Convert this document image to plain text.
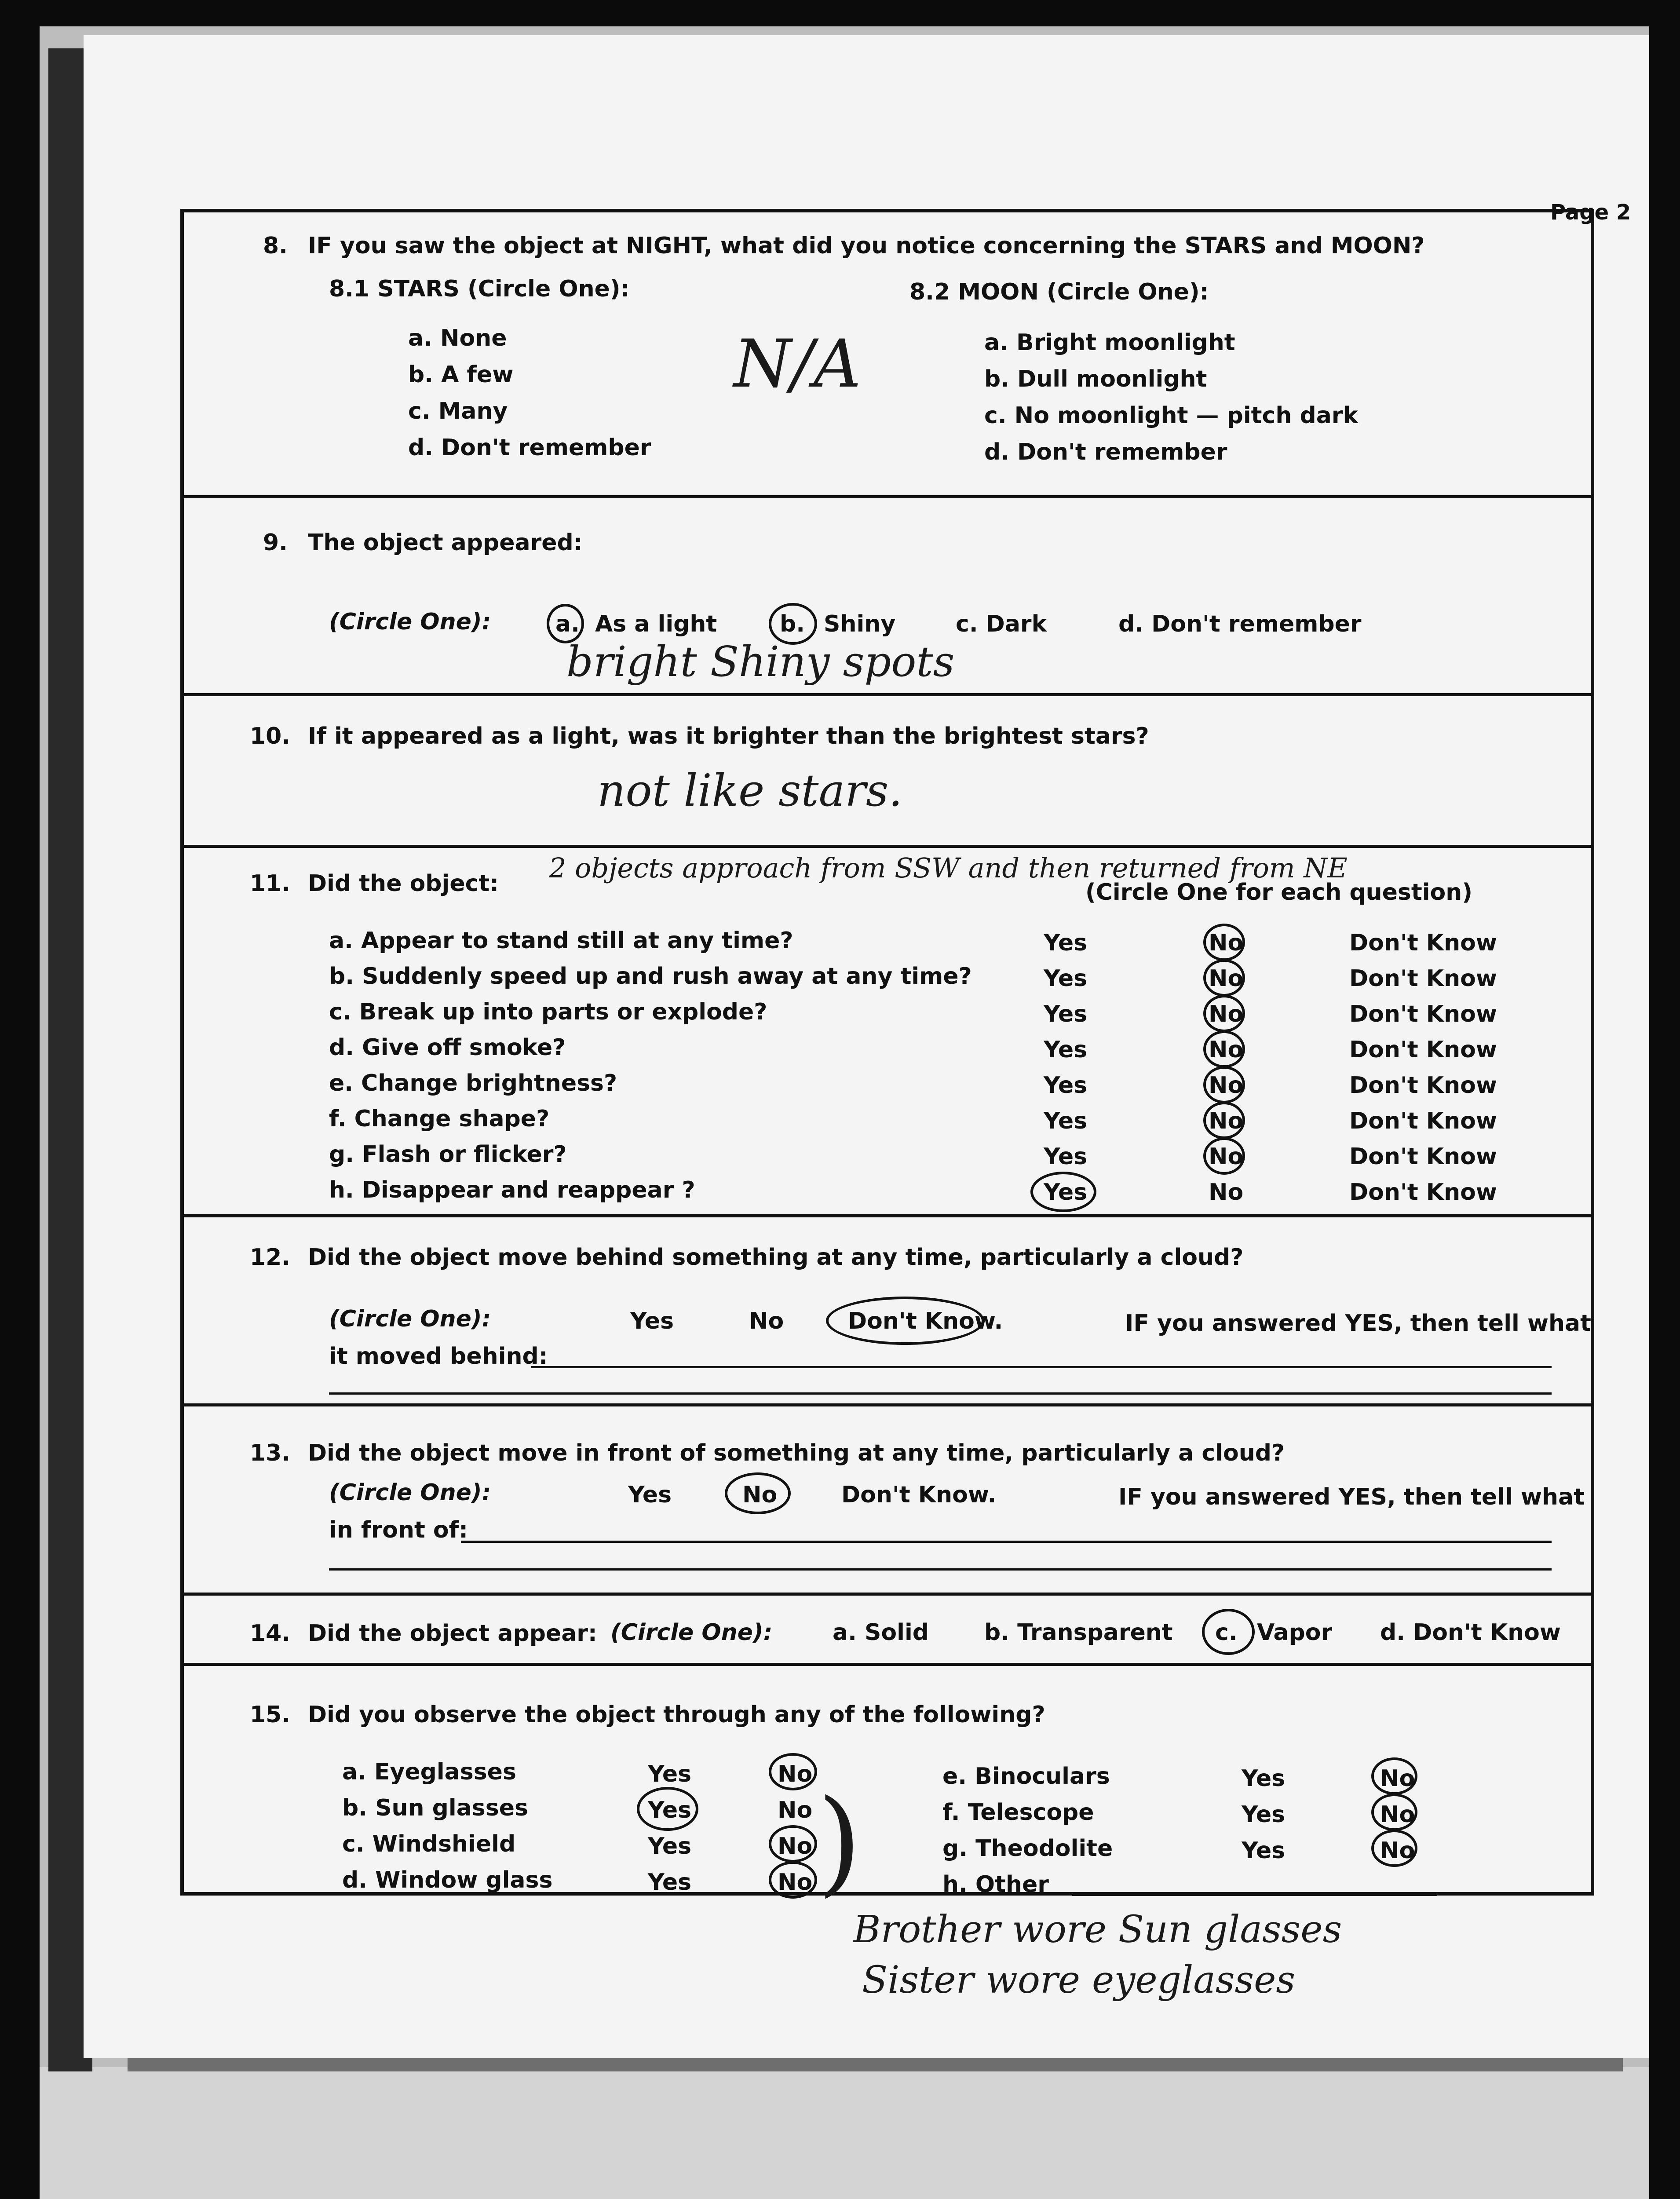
Page 2
8. IF you saw the object at NIGHT, what did you notice concerning the STARS and MOON?
8.1 STARS (Circle One):	8.2 MOON (Circle One):
a. None
b. A few
c. Many
d. Don't remember
a. Bright moonlight
b. Dull moonlight
c. No moonlight — pitch dark
d. Don't remember
N/A
9. The object appeared:
(Circle One):	a. As a light	b. Shiny	c. Dark	d. Don't remember
bright Shiny spots
10. If it appeared as a light, was it brighter than the brightest stars?
not like stars.
11. Did the object: 2 objects approach from SSW and then returned from NE
(Circle One for each question)
a. Appear to stand still at any time?	Yes	No	Don't Know
b. Suddenly speed up and rush away at any time?	Yes	No	Don't Know
c. Break up into parts or explode?	Yes	No	Don't Know
d. Give off smoke?	Yes	No	Don't Know
e. Change brightness?	Yes	No	Don't Know
f. Change shape?	Yes	No	Don't Know
g. Flash or flicker?	Yes	No	Don't Know
h. Disappear and reappear ?	Yes	No	Don't Know
12. Did the object move behind something at any time, particularly a cloud?
(Circle One):	Yes	No	Don't Know.	IF you answered YES, then tell what
it moved behind:
13. Did the object move in front of something at any time, particularly a cloud?
(Circle One):	Yes	No	Don't Know.	IF you answered YES, then tell what
in front of:
14. Did the object appear: (Circle One):	a. Solid b. Transparent c. Vapor d. Don't Know
15. Did you observe the object through any of the following?
a. Eyeglasses	Yes	No
b. Sun glasses	Yes	No
c. Windshield	Yes	No
d. Window glass	Yes	No
e. Binoculars	Yes	No
f. Telescope	Yes	No
g. Theodolite	Yes	No
h. Other
)
Brother wore Sun glasses
Sister wore eyeglasses
